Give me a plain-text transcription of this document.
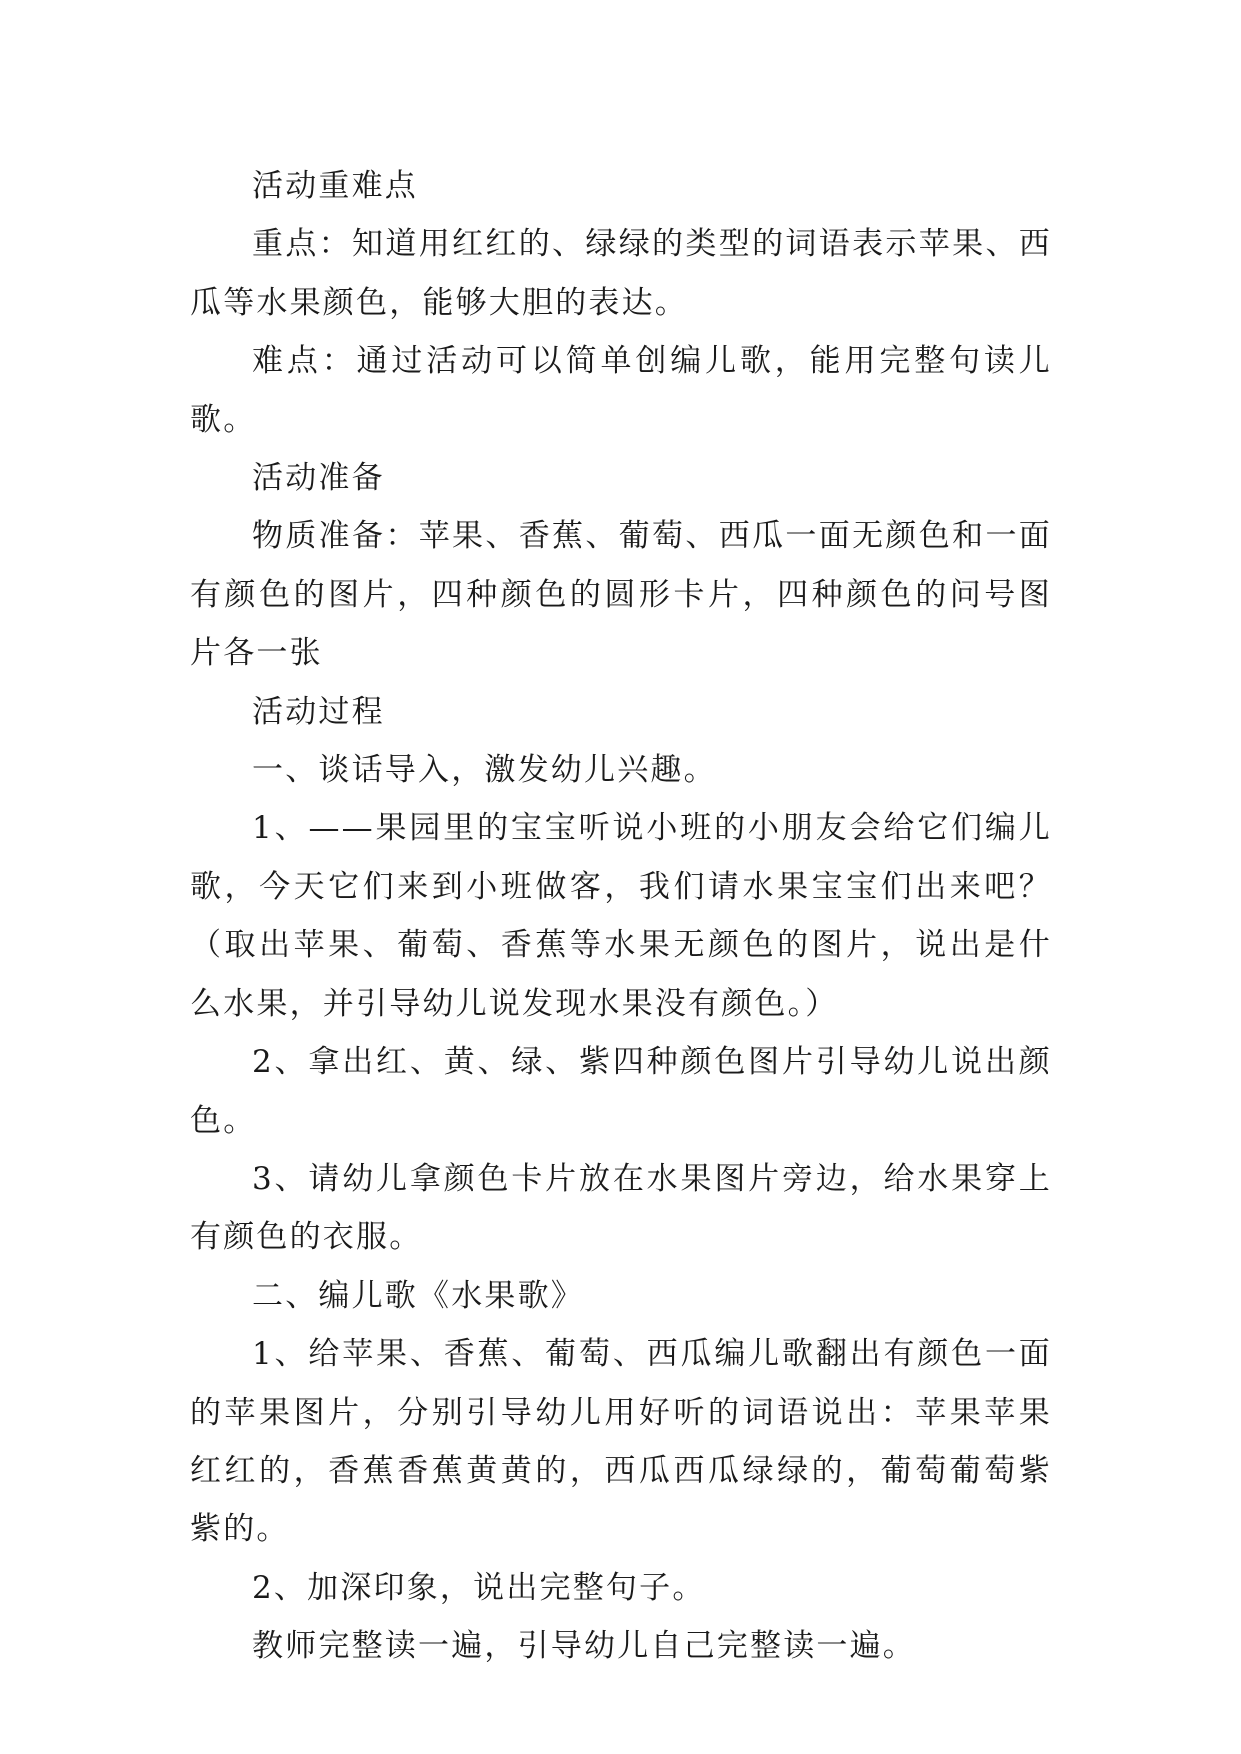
活动重难点

重点：知道用红红的、绿绿的类型的词语表示苹果、西瓜等水果颜色，能够大胆的表达。

难点：通过活动可以简单创编儿歌，能用完整句读儿歌。

活动准备

物质准备：苹果、香蕉、葡萄、西瓜一面无颜色和一面有颜色的图片，四种颜色的圆形卡片，四种颜色的问号图片各一张

活动过程

一、谈话导入，激发幼儿兴趣。

1、——果园里的宝宝听说小班的小朋友会给它们编儿歌，今天它们来到小班做客，我们请水果宝宝们出来吧？（取出苹果、葡萄、香蕉等水果无颜色的图片，说出是什么水果，并引导幼儿说发现水果没有颜色。）

2、拿出红、黄、绿、紫四种颜色图片引导幼儿说出颜色。

3、请幼儿拿颜色卡片放在水果图片旁边，给水果穿上有颜色的衣服。

二、编儿歌《水果歌》

1、给苹果、香蕉、葡萄、西瓜编儿歌翻出有颜色一面的苹果图片，分别引导幼儿用好听的词语说出：苹果苹果红红的，香蕉香蕉黄黄的，西瓜西瓜绿绿的，葡萄葡萄紫紫的。

2、加深印象，说出完整句子。

教师完整读一遍，引导幼儿自己完整读一遍。
